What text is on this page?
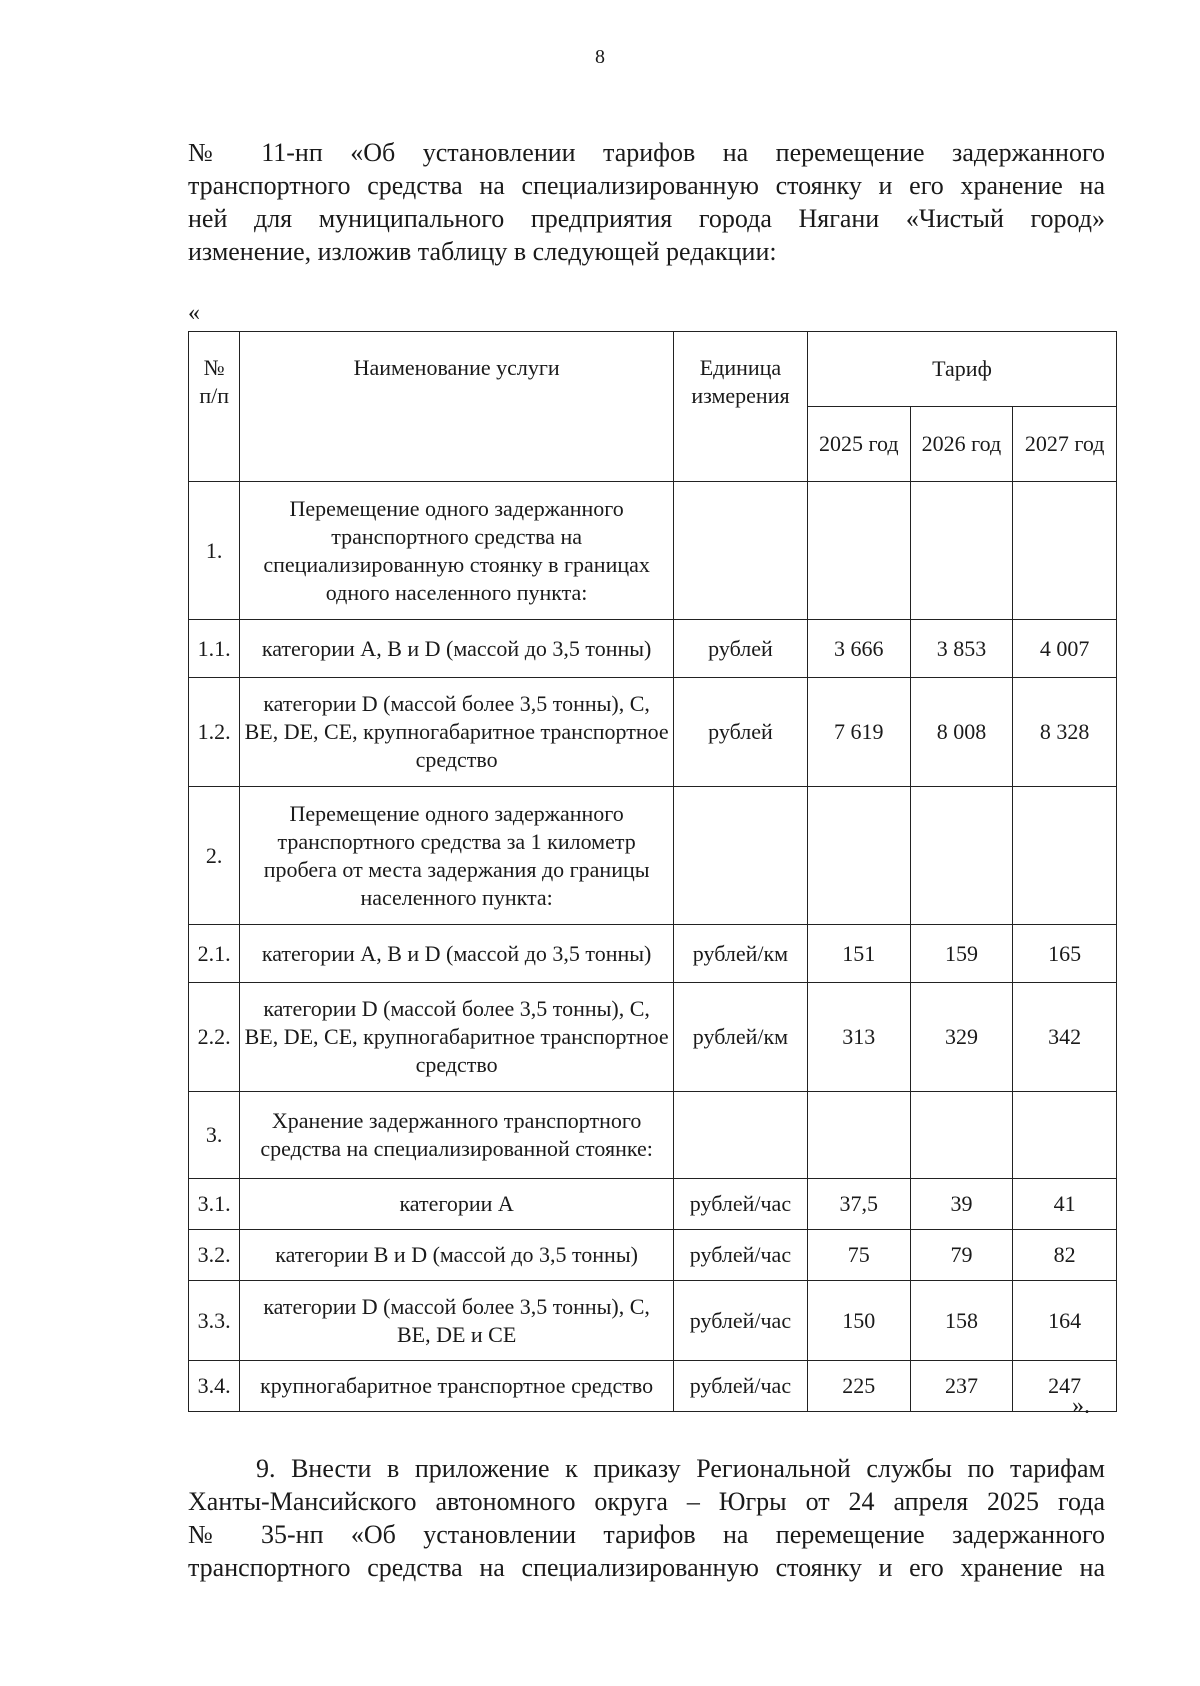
8
№ 11-нп «Об установлении тарифов на перемещение задержанного
транспортного средства на специализированную стоянку и его хранение на
ней для муниципального предприятия города Нягани «Чистый город»
изменение, изложив таблицу в следующей редакции:
«
№ п/п	Наименование услуги	Единица измерения	Тариф		
			2025 год	2026 год	2027 год
1.	Перемещение одного задержанного транспортного средства на специализированную стоянку в границах одного населенного пункта:				
1.1.	категории A, B и D (массой до 3,5 тонны)	рублей	3 666	3 853	4 007
1.2.	категории D (массой более 3,5 тонны), C, BE, DE, CE, крупногабаритное транспортное средство	рублей	7 619	8 008	8 328
2.	Перемещение одного задержанного транспортного средства за 1 километр пробега от места задержания до границы населенного пункта:				
2.1.	категории A, B и D (массой до 3,5 тонны)	рублей/км	151	159	165
2.2.	категории D (массой более 3,5 тонны), C, BE, DE, CE, крупногабаритное транспортное средство	рублей/км	313	329	342
3.	Хранение задержанного транспортного средства на специализированной стоянке:				
3.1.	категории A	рублей/час	37,5	39	41
3.2.	категории B и D (массой до 3,5 тонны)	рублей/час	75	79	82
3.3.	категории D (массой более 3,5 тонны), C, BE, DE и CE	рублей/час	150	158	164
3.4.	крупногабаритное транспортное средство	рублей/час	225	237	247
».
9. Внести в приложение к приказу Региональной службы по тарифам
Ханты-Мансийского автономного округа – Югры от 24 апреля 2025 года
№ 35-нп «Об установлении тарифов на перемещение задержанного
транспортного средства на специализированную стоянку и его хранение на
